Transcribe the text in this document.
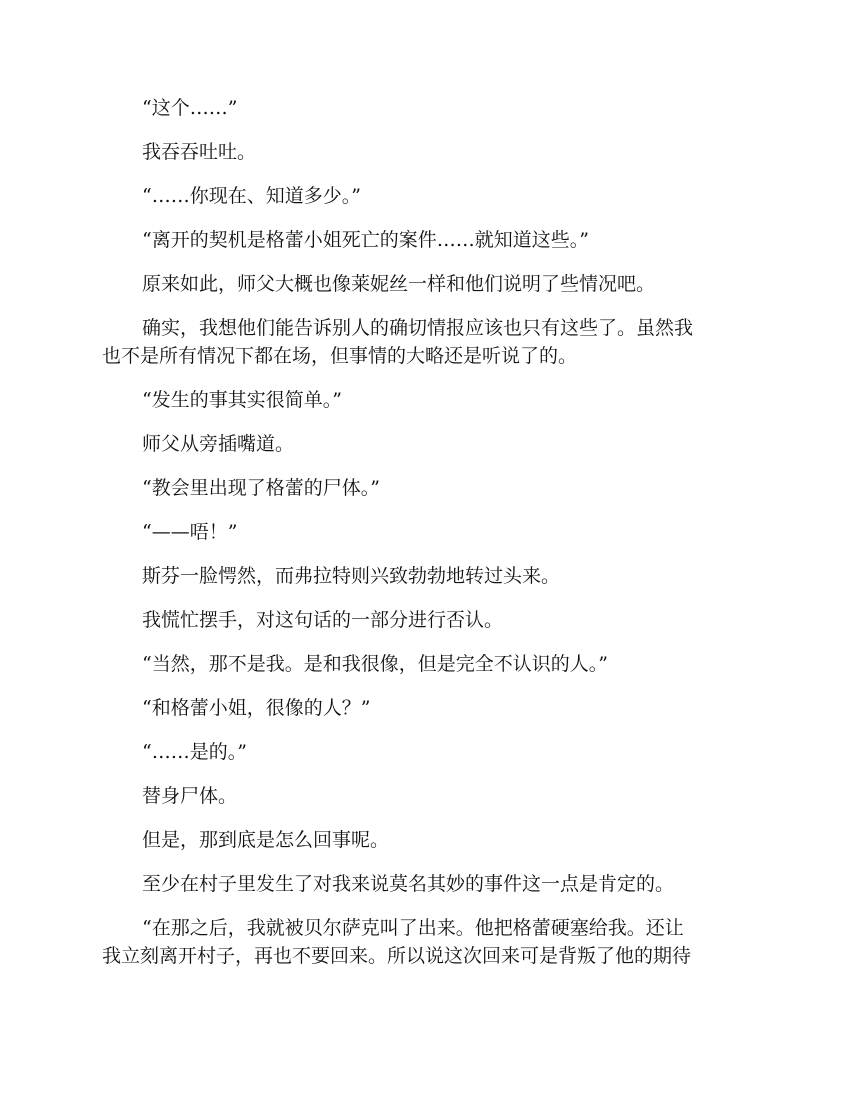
“这个……”

我吞吞吐吐。

“……你现在、知道多少。”

“离开的契机是格蕾小姐死亡的案件……就知道这些。”

原来如此，师父大概也像莱妮丝一样和他们说明了些情况吧。

确实，我想他们能告诉别人的确切情报应该也只有这些了。虽然我
也不是所有情况下都在场，但事情的大略还是听说了的。

“发生的事其实很简单。”

师父从旁插嘴道。

“教会里出现了格蕾的尸体。”

“——唔！”

斯芬一脸愕然，而弗拉特则兴致勃勃地转过头来。

我慌忙摆手，对这句话的一部分进行否认。

“当然，那不是我。是和我很像，但是完全不认识的人。”

“和格蕾小姐，很像的人？”

“……是的。”

替身尸体。

但是，那到底是怎么回事呢。

至少在村子里发生了对我来说莫名其妙的事件这一点是肯定的。

“在那之后，我就被贝尔萨克叫了出来。他把格蕾硬塞给我。还让
我立刻离开村子，再也不要回来。所以说这次回来可是背叛了他的期待
